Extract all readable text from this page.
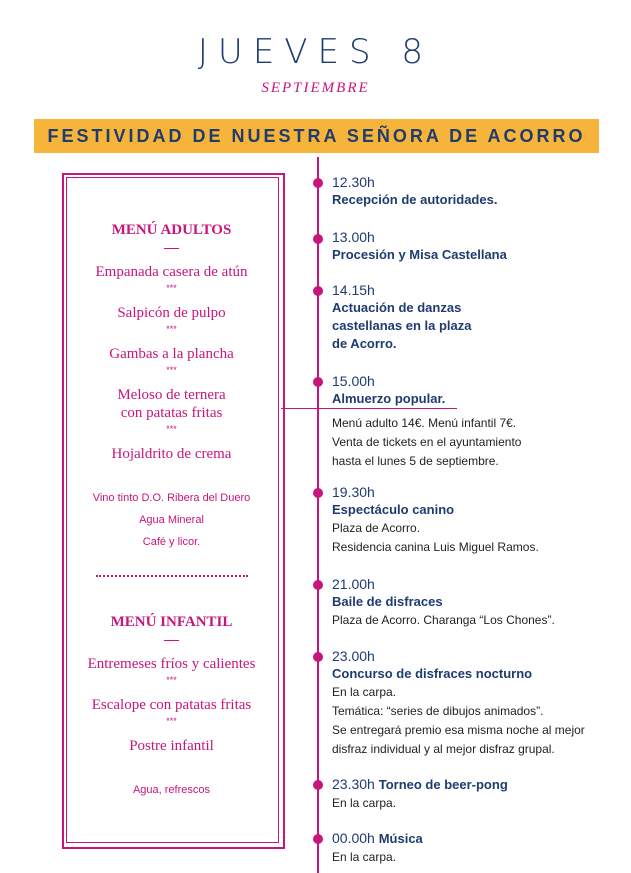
JUEVES 8
SEPTIEMBRE
FESTIVIDAD DE NUESTRA SEÑORA DE ACORRO
MENÚ ADULTOS
—
Empanada casera de atún
***
Salpicón de pulpo
***
Gambas a la plancha
***
Meloso de ternera
con patatas fritas
***
Hojaldrito de crema
Vino tinto D.O. Ribera del Duero
Agua Mineral
Café y licor.
MENÚ INFANTIL
—
Entremeses fríos y calientes
***
Escalope con patatas fritas
***
Postre infantil
Agua, refrescos
12.30h
Recepción de autoridades.
13.00h
Procesión y Misa Castellana
14.15h
Actuación de danzas
castellanas en la plaza
de Acorro.
15.00h
Almuerzo popular.
Menú adulto 14€. Menú infantil 7€.
Venta de tickets en el ayuntamiento
hasta el lunes 5 de septiembre.
19.30h
Espectáculo canino
Plaza de Acorro.
Residencia canina Luis Miguel Ramos.
21.00h
Baile de disfraces
Plaza de Acorro. Charanga “Los Chones”.
23.00h
Concurso de disfraces nocturno
En la carpa.
Temática: “series de dibujos animados”.
Se entregará premio esa misma noche al mejor
disfraz individual y al mejor disfraz grupal.
23.30h Torneo de beer-pong
En la carpa.
00.00h Música
En la carpa.
